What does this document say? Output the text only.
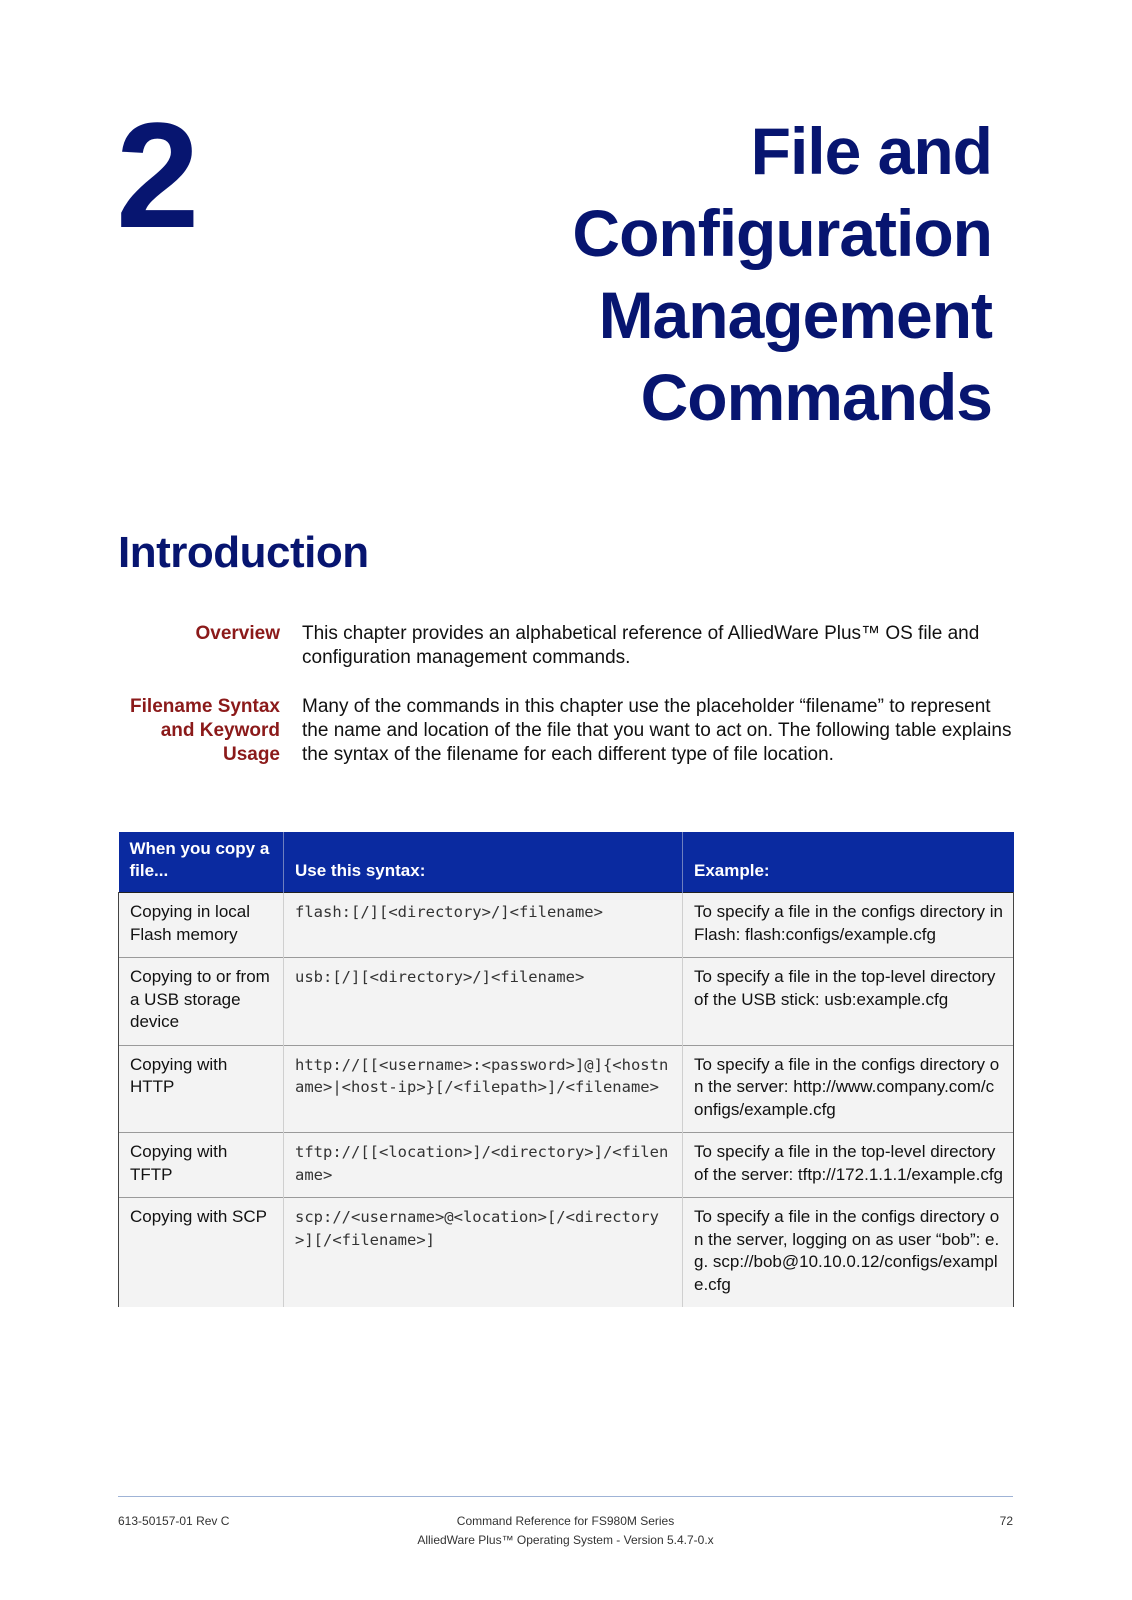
2	File and
Configuration
Management
Commands
Introduction
Overview This chapter provides an alphabetical reference of AlliedWare Plus™ OS file and configuration management commands.
Filename Syntax
and Keyword
Usage
Many of the commands in this chapter use the placeholder “filename” to represent the name and location of the file that you want to act on. The following table explains the syntax of the filename for each different type of file location.
When you copy a file...	Use this syntax:	Example:
Copying in local Flash memory	flash:[/][<directory>/]<filename>	To specify a file in the configs directory in Flash: flash:configs/example.cfg
Copying to or from a USB storage device	usb:[/][<directory>/]<filename>	To specify a file in the top-level directory of the USB stick: usb:example.cfg
Copying with HTTP	http://[[<username>:<password>]@]{<hostname>|<host-ip>}[/<filepath>]/<filename>	To specify a file in the configs directory on the server: http://www.company.com/configs/example.cfg
Copying with TFTP	tftp://[[<location>]/<directory>]/<filename>	To specify a file in the top-level directory of the server: tftp://172.1.1.1/example.cfg
Copying with SCP	scp://<username>@<location>[/<directory>][/<filename>]	To specify a file in the configs directory on the server, logging on as user “bob”: e.g. scp://bob@10.10.0.12/configs/example.cfg
613-50157-01 Rev C	Command Reference for FS980M Series
AlliedWare Plus™ Operating System - Version 5.4.7-0.x
72
